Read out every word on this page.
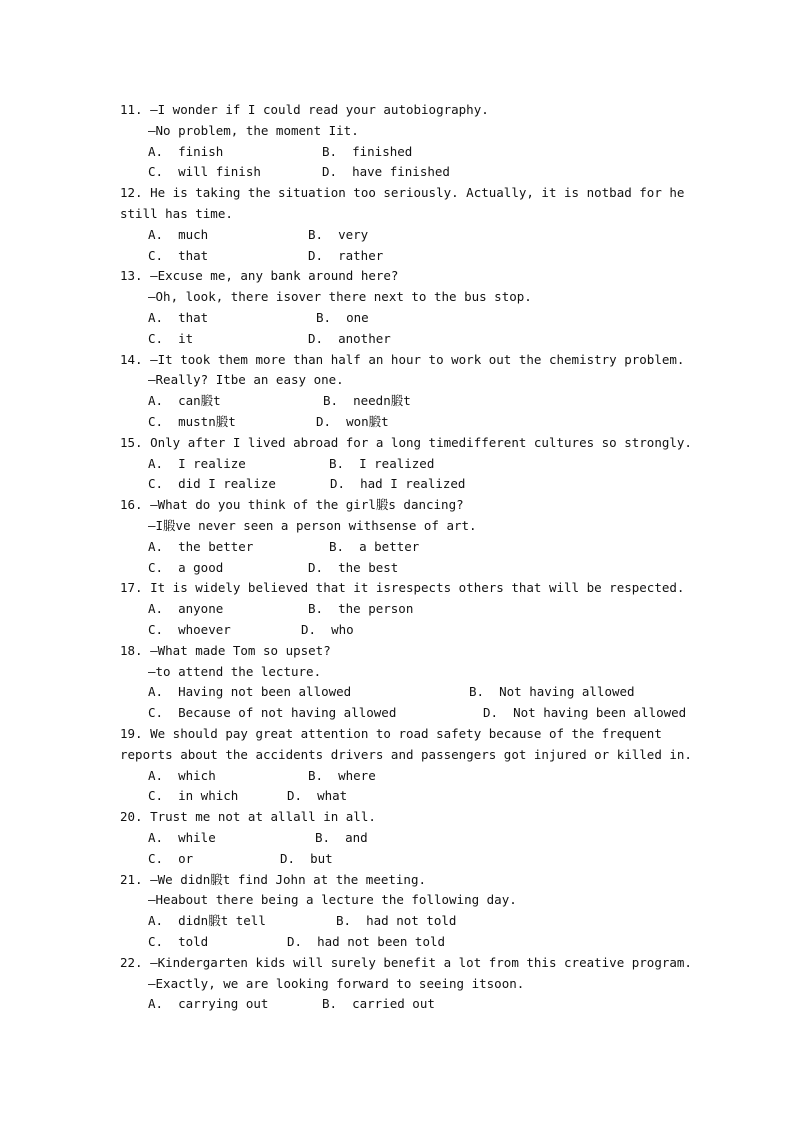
11. —I wonder if I could read your autobiography.
—No problem, the moment Iit.
A.  finish	B.  finished
C.  will finish	D.  have finished
12. He is taking the situation too seriously. Actually, it is notbad for he
still has time.
A.  much	B.  very
C.  that	D.  rather
13. —Excuse me, any bank around here?
—Oh, look, there isover there next to the bus stop.
A.  that	B.  one
C.  it	D.  another
14. —It took them more than half an hour to work out the chemistry problem.
—Really? Itbe an easy one.
A.  can腶t	B.  needn腶t
C.  mustn腶t	D.  won腶t
15. Only after I lived abroad for a long timedifferent cultures so strongly.
A.  I realize	B.  I realized
C.  did I realize	D.  had I realized
16. —What do you think of the girl腶s dancing?
—I腶ve never seen a person withsense of art.
A.  the better	B.  a better
C.  a good	D.  the best
17. It is widely believed that it isrespects others that will be respected.
A.  anyone	B.  the person
C.  whoever	D.  who
18. —What made Tom so upset?
—to attend the lecture.
A.  Having not been allowed	B.  Not having allowed
C.  Because of not having allowed	D.  Not having been allowed
19. We should pay great attention to road safety because of the frequent
reports about the accidents drivers and passengers got injured or killed in.
A.  which	B.  where
C.  in which	D.  what
20. Trust me not at allall in all.
A.  while	B.  and
C.  or	D.  but
21. —We didn腶t find John at the meeting.
—Heabout there being a lecture the following day.
A.  didn腶t tell	B.  had not told
C.  told	D.  had not been told
22. —Kindergarten kids will surely benefit a lot from this creative program.
—Exactly, we are looking forward to seeing itsoon.
A.  carrying out	B.  carried out
